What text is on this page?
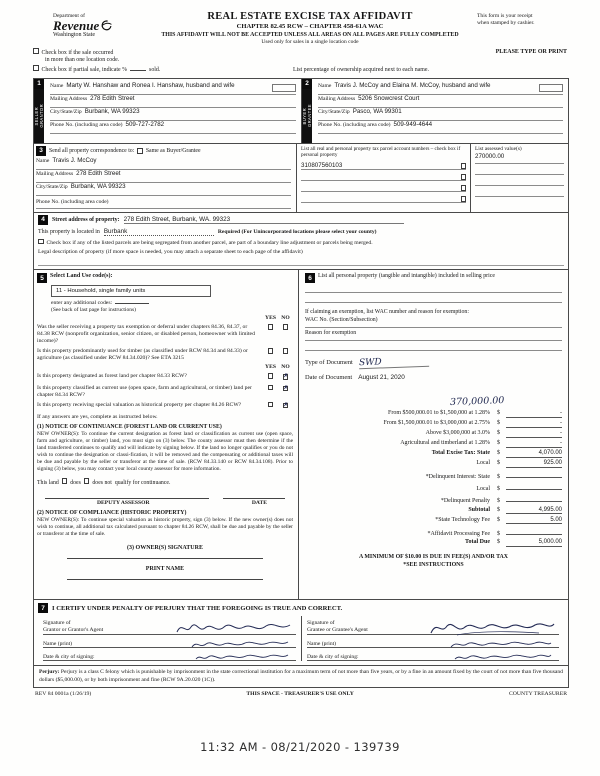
Department of
Revenue
Washington State
REAL ESTATE EXCISE TAX AFFIDAVIT
CHAPTER 82.45 RCW – CHAPTER 458-61A WAC
THIS AFFIDAVIT WILL NOT BE ACCEPTED UNLESS ALL AREAS ON ALL PAGES ARE FULLY COMPLETED
Used only for sales in a single location code
This form is your receipt
when stamped by cashier.
Check box if the sale occurred
in more than one location code.
Check box if partial sale, indicate %	sold.
PLEASE TYPE OR PRINT
List percentage of ownership acquired next to each name.
1
SELLER GRANTOR
Name Marty W. Hanshaw and Ronea I. Hanshaw, husband and wife
Mailing Address 278 Edith Street
City/State/Zip Burbank, WA 99323
Phone No. (including area code) 509-727-2782
2
BUYER GRANTEE
Name Travis J. McCoy and Elaina M. McCoy, husband and wife
Mailing Address 5206 Snowcrest Court
City/State/Zip Pasco, WA 99301
Phone No. (including area code) 509-949-4644
3	Send all property correspondence to: Same as Buyer/Grantee
Name Travis J. McCoy
Mailing Address 278 Edith Street
City/State/Zip Burbank, WA 99323
Phone No. (including area code)
List all real and personal property tax parcel account numbers – check box if personal property
310807560103
List assessed value(s)
270000.00
4	Street address of property: 278 Edith Street, Burbank, WA. 99323
This property is located in Burbank	Required (For Unincorporated locations please select your county)
Check box if any of the listed parcels are being segregated from another parcel, are part of a boundary line adjustment or parcels being merged.
Legal description of property (if more space is needed, you may attach a separate sheet to each page of the affidavit)
5	Select Land Use code(s):
11 - Household, single family units
enter any additional codes:
(See back of last page for instructions)
YES NO
Was the seller receiving a property tax exemption or deferral under chapters 84.36, 84.37, or 84.38 RCW (nonprofit organization, senior citizen, or disabled person, homeowner with limited income)?
Is this property predominantly used for timber (as classified under RCW 84.34 and 84.33) or agriculture (as classified under RCW 84.34.020)? See ETA 3215
YES NO
Is this property designated as forest land per chapter 84.33 RCW?	✗
Is this property classified as current use (open space, farm and agricultural, or timber) land per chapter 84.34 RCW?
✗
Is this property receiving special valuation as historical property per chapter 84.26 RCW?	✗
If any answers are yes, complete as instructed below.
(1) NOTICE OF CONTINUANCE (FOREST LAND OR CURRENT USE)
NEW OWNER(S): To continue the current designation as forest land or classification as current use (open space, farm and agriculture, or timber) land, you must sign on (3) below. The county assessor must then determine if the land transferred continues to qualify and will indicate by signing below. If the land no longer qualifies or you do not wish to continue the designation or classi-fication, it will be removed and the compensating or additional taxes will be due and payable by the seller or transferor at the time of sale. (RCW 84.33.140 or RCW 84.34.108). Prior to signing (3) below, you may contact your local county assessor for more information.
This land does does not qualify for continuance.
DEPUTY ASSESSOR	DATE
(2) NOTICE OF COMPLIANCE (HISTORIC PROPERTY)
NEW OWNER(S): To continue special valuation as historic property, sign (3) below. If the new owner(s) does not wish to continue, all additional tax calculated pursuant to chapter 84.26 RCW, shall be due and payable by the seller or transferor at the time of sale.
(3) OWNER(S) SIGNATURE
PRINT NAME
6	List all personal property (tangible and intangible) included in selling price
If claiming an exemption, list WAC number and reason for exemption:
WAC No. (Section/Subsection)
Reason for exemption
Type of Document SWD
Date of Document August 21, 2020
370,000.00
From $500,000.01 to $1,500,000 at 1.28%	$	-
From $1,500,000.01 to $3,000,000 at 2.75%	$	-
Above $3,000,000 at 3.0%	$	-
Agricultural and timberland at 1.28%	$	-
Total Excise Tax: State	$	4,070.00
Local	$	925.00
*Delinquent Interest: State	$
Local	$
*Delinquent Penalty	$
Subtotal	$	4,995.00
*State Technology Fee	$	5.00
*Affidavit Processing Fee	$
Total Due	$	5,000.00
A MINIMUM OF $10.00 IS DUE IN FEE(S) AND/OR TAX
*SEE INSTRUCTIONS
7	I CERTIFY UNDER PENALTY OF PERJURY THAT THE FOREGOING IS TRUE AND CORRECT.
Signature of
Grantor or Grantor's Agent
Name (print)
Date & city of signing:
Signature of
Grantee or Grantee's Agent
Name (print)
Date & city of signing:
Perjury: Perjury is a class C felony which is punishable by imprisonment in the state correctional institution for a maximum term of not more than five years, or by a fine in an amount fixed by the court of not more than five thousand dollars ($5,000.00), or by both imprisonment and fine (RCW 9A.20.020 (1C)).
REV 84 0001a (1/26/19)	THIS SPACE - TREASURER'S USE ONLY	COUNTY TREASURER
11:32 AM - 08/21/2020 - 139739
